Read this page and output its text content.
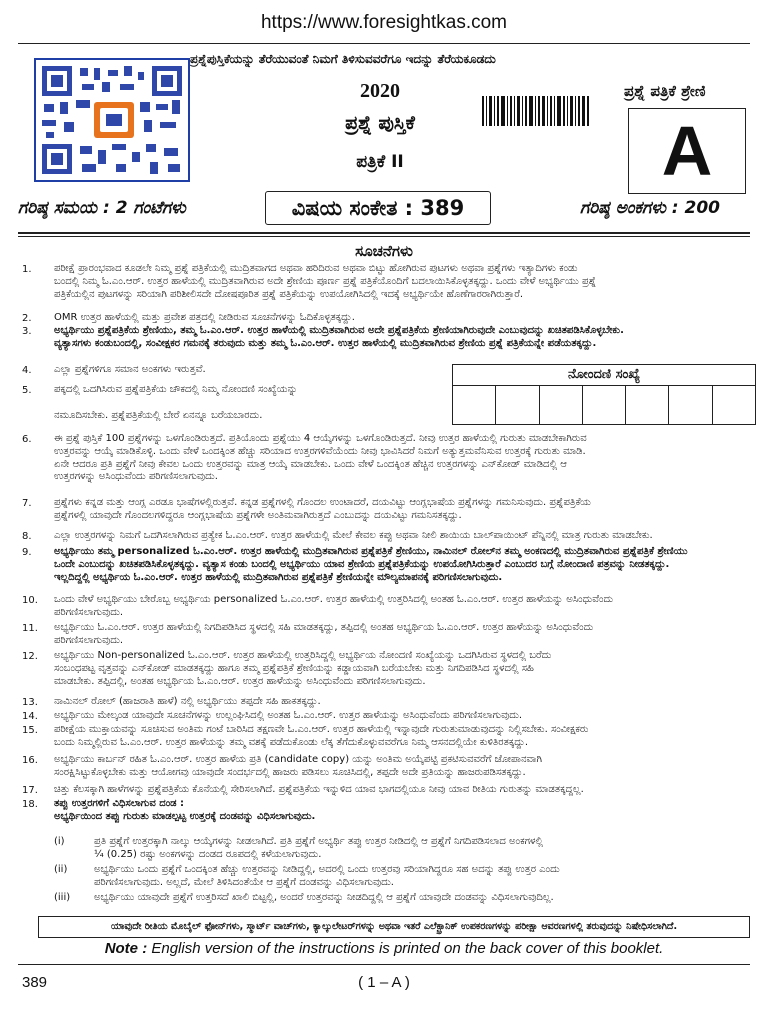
https://www.foresightkas.com
ಪ್ರಶ್ನೆಪುಸ್ತಿಕೆಯನ್ನು ತೆರೆಯುವಂತೆ ನಿಮಗೆ ತಿಳಿಸುವವರೆಗೂ ಇದನ್ನು ತೆರೆಯಕೂಡದು
2020
ಪ್ರಶ್ನೆ ಪುಸ್ತಿಕೆ
ಪತ್ರಿಕೆ II
ಪ್ರಶ್ನೆ ಪತ್ರಿಕೆ ಶ್ರೇಣಿ
A
ಗರಿಷ್ಠ ಸಮಯ : 2 ಗಂಟೆಗಳು	ವಿಷಯ ಸಂಕೇತ : 389	ಗರಿಷ್ಠ ಅಂಕಗಳು : 200
ಸೂಚನೆಗಳು
ನೋಂದಣಿ ಸಂಖ್ಯೆ
1. ಪರೀಕ್ಷೆ ಪ್ರಾರಂಭವಾದ ಕೂಡಲೇ ನಿಮ್ಮ ಪ್ರಶ್ನೆ ಪತ್ರಿಕೆಯಲ್ಲಿ ಮುದ್ರಿತವಾಗದ ಅಥವಾ ಹರಿದಿರುವ ಅಥವಾ ಬಿಟ್ಟು ಹೋಗಿರುವ ಪುಟಗಳು ಅಥವಾ ಪ್ರಶ್ನೆಗಳು ಇತ್ಯಾದಿಗಳು ಕಂಡು
ಬಂದಲ್ಲಿ ನಿಮ್ಮ ಓ.ಎಂ.ಆರ್. ಉತ್ತರ ಹಾಳೆಯಲ್ಲಿ ಮುದ್ರಿತವಾಗಿರುವ ಅದೇ ಶ್ರೇಣಿಯ ಪೂರ್ಣ ಪ್ರಶ್ನೆ ಪತ್ರಿಕೆಯೊಂದಿಗೆ ಬದಲಾಯಿಸಿಕೊಳ್ಳತಕ್ಕದ್ದು. ಒಂದು ವೇಳೆ ಅಭ್ಯರ್ಥಿಯು ಪ್ರಶ್ನೆ
ಪತ್ರಿಕೆಯಲ್ಲಿನ ಪುಟಗಳನ್ನು ಸರಿಯಾಗಿ ಪರಿಶೀಲಿಸದೇ ದೋಷಪೂರಿತ ಪ್ರಶ್ನೆ ಪತ್ರಿಕೆಯನ್ನು ಉಪಯೋಗಿಸಿದಲ್ಲಿ ಇದಕ್ಕೆ ಅಭ್ಯರ್ಥಿಯೇ ಹೊಣೆಗಾರರಾಗಿರುತ್ತಾರೆ.
2. OMR ಉತ್ತರ ಹಾಳೆಯಲ್ಲಿ ಮತ್ತು ಪ್ರವೇಶ ಪತ್ರದಲ್ಲಿ ನೀಡಿರುವ ಸೂಚನೆಗಳನ್ನು ಓದಿಕೊಳ್ಳತಕ್ಕದ್ದು.
3. ಅಭ್ಯರ್ಥಿಯು ಪ್ರಶ್ನೆಪತ್ರಿಕೆಯ ಶ್ರೇಣಿಯು, ತಮ್ಮ ಓ.ಎಂ.ಆರ್. ಉತ್ತರ ಹಾಳೆಯಲ್ಲಿ ಮುದ್ರಿತವಾಗಿರುವ ಅದೇ ಪ್ರಶ್ನೆಪತ್ರಿಕೆಯ ಶ್ರೇಣಿಯಾಗಿರುವುದೇ ಎಂಬುವುದನ್ನು ಖಚಿತಪಡಿಸಿಕೊಳ್ಳಬೇಕು.
ವ್ಯತ್ಯಾಸಗಳು ಕಂಡುಬಂದಲ್ಲಿ, ಸಂವೀಕ್ಷಕರ ಗಮನಕ್ಕೆ ತರುವುದು ಮತ್ತು ತಮ್ಮ ಓ.ಎಂ.ಆರ್. ಉತ್ತರ ಹಾಳೆಯಲ್ಲಿ ಮುದ್ರಿತವಾಗಿರುವ ಶ್ರೇಣಿಯ ಪ್ರಶ್ನೆ ಪತ್ರಿಕೆಯನ್ನೇ ಪಡೆಯತಕ್ಕದ್ದು.
4. ಎಲ್ಲಾ ಪ್ರಶ್ನೆಗಳಿಗೂ ಸಮಾನ ಅಂಕಗಳು ಇರುತ್ತವೆ.
5. ಪಕ್ಕದಲ್ಲಿ ಒದಗಿಸಿರುವ ಪ್ರಶ್ನೆಪತ್ರಿಕೆಯ ಚೌಕದಲ್ಲಿ ನಿಮ್ಮ ನೋಂದಣಿ ಸಂಖ್ಯೆಯನ್ನು
ನಮೂದಿಸಬೇಕು. ಪ್ರಶ್ನೆಪತ್ರಿಕೆಯಲ್ಲಿ ಬೇರೆ ಏನನ್ನೂ ಬರೆಯಬಾರದು.
6. ಈ ಪ್ರಶ್ನೆ ಪುಸ್ತಿಕೆ 100 ಪ್ರಶ್ನೆಗಳನ್ನು ಒಳಗೊಂಡಿರುತ್ತದೆ. ಪ್ರತಿಯೊಂದು ಪ್ರಶ್ನೆಯು 4 ಆಯ್ಕೆಗಳನ್ನು ಒಳಗೊಂಡಿರುತ್ತದೆ. ನೀವು ಉತ್ತರ ಹಾಳೆಯಲ್ಲಿ ಗುರುತು ಮಾಡಬೇಕಾಗಿರುವ
ಉತ್ತರವನ್ನು ಆಯ್ಕೆ ಮಾಡಿಕೊಳ್ಳಿ. ಒಂದು ವೇಳೆ ಒಂದಕ್ಕಿಂತ ಹೆಚ್ಚು ಸರಿಯಾದ ಉತ್ತರಗಳಿವೆಯೆಂದು ನೀವು ಭಾವಿಸಿದರೆ ನಿಮಗೆ ಅತ್ಯುತ್ತಮವೆನಿಸುವ ಉತ್ತರಕ್ಕೆ ಗುರುತು ಮಾಡಿ.
ಏನೇ ಆದರೂ ಪ್ರತಿ ಪ್ರಶ್ನೆಗೆ ನೀವು ಕೇವಲ ಒಂದು ಉತ್ತರವನ್ನು ಮಾತ್ರ ಆಯ್ಕೆ ಮಾಡಬೇಕು. ಒಂದು ವೇಳೆ ಒಂದಕ್ಕಿಂತ ಹೆಚ್ಚಿನ ಉತ್ತರಗಳನ್ನು ಎನ್‌ಕೋಡ್ ಮಾಡಿದಲ್ಲಿ ಆ
ಉತ್ತರಗಳನ್ನು ಅಸಿಂಧುವೆಂದು ಪರಿಗಣಿಸಲಾಗುವುದು.
7. ಪ್ರಶ್ನೆಗಳು ಕನ್ನಡ ಮತ್ತು ಆಂಗ್ಲ ಎರಡೂ ಭಾಷೆಗಳಲ್ಲಿರುತ್ತವೆ. ಕನ್ನಡ ಪ್ರಶ್ನೆಗಳಲ್ಲಿ ಗೊಂದಲ ಉಂಟಾದರೆ, ದಯವಿಟ್ಟು ಆಂಗ್ಲಭಾಷೆಯ ಪ್ರಶ್ನೆಗಳನ್ನು ಗಮನಿಸುವುದು. ಪ್ರಶ್ನೆಪತ್ರಿಕೆಯ
ಪ್ರಶ್ನೆಗಳಲ್ಲಿ ಯಾವುದೇ ಗೊಂದಲಗಳಿದ್ದರೂ ಆಂಗ್ಲಭಾಷೆಯ ಪ್ರಶ್ನೆಗಳೇ ಅಂತಿಮವಾಗಿರುತ್ತದೆ ಎಂಬುದನ್ನು ದಯವಿಟ್ಟು ಗಮನಿಸತಕ್ಕದ್ದು.
8. ಎಲ್ಲಾ ಉತ್ತರಗಳನ್ನು ನಿಮಗೆ ಒದಗಿಸಲಾಗಿರುವ ಪ್ರತ್ಯೇಕ ಓ.ಎಂ.ಆರ್. ಉತ್ತರ ಹಾಳೆಯಲ್ಲಿ ಮೇಲೆ ಕೇವಲ ಕಪ್ಪು ಅಥವಾ ನೀಲಿ ಶಾಯಿಯ ಬಾಲ್‌ಪಾಯಿಂಟ್ ಪೆನ್ನಿನಲ್ಲಿ ಮಾತ್ರ ಗುರುತು ಮಾಡಬೇಕು.
9. ಅಭ್ಯರ್ಥಿಯು ತಮ್ಮ personalized ಓ.ಎಂ.ಆರ್. ಉತ್ತರ ಹಾಳೆಯಲ್ಲಿ ಮುದ್ರಿತವಾಗಿರುವ ಪ್ರಶ್ನೆಪತ್ರಿಕೆ ಶ್ರೇಣಿಯು, ನಾಮಿನಲ್ ರೋಲ್‌ನ ತಮ್ಮ ಅಂಕಣದಲ್ಲಿ ಮುದ್ರಿತವಾಗಿರುವ ಪ್ರಶ್ನೆಪತ್ರಿಕೆ ಶ್ರೇಣಿಯು
ಒಂದೇ ಎಂಬುದನ್ನು ಖಚಿತಪಡಿಸಿಕೊಳ್ಳತಕ್ಕದ್ದು. ವ್ಯತ್ಯಾಸ ಕಂಡು ಬಂದಲ್ಲಿ ಅಭ್ಯರ್ಥಿಯು ಯಾವ ಶ್ರೇಣಿಯ ಪ್ರಶ್ನೆಪತ್ರಿಕೆಯನ್ನು ಉಪಯೋಗಿಸಿರುತ್ತಾರೆ ಎಂಬುದರ ಬಗ್ಗೆ ನೋಂದಾಣಿ ಪತ್ರವನ್ನು ನೀಡತಕ್ಕದ್ದು.
ಇಲ್ಲದಿದ್ದಲ್ಲಿ ಅಭ್ಯರ್ಥಿಯ ಓ.ಎಂ.ಆರ್. ಉತ್ತರ ಹಾಳೆಯಲ್ಲಿ ಮುದ್ರಿತವಾಗಿರುವ ಪ್ರಶ್ನೆಪತ್ರಿಕೆ ಶ್ರೇಣಿಯನ್ನೇ ಮೌಲ್ಯಮಾಪನಕ್ಕೆ ಪರಿಗಣಿಸಲಾಗುವುದು.
10. ಒಂದು ವೇಳೆ ಅಭ್ಯರ್ಥಿಯು ಬೇರೊಬ್ಬ ಅಭ್ಯರ್ಥಿಯ personalized ಓ.ಎಂ.ಆರ್. ಉತ್ತರ ಹಾಳೆಯಲ್ಲಿ ಉತ್ತರಿಸಿದಲ್ಲಿ ಅಂತಹ ಓ.ಎಂ.ಆರ್. ಉತ್ತರ ಹಾಳೆಯನ್ನು ಅಸಿಂಧುವೆಂದು
ಪರಿಗಣಿಸಲಾಗುವುದು.
11. ಅಭ್ಯರ್ಥಿಯು ಓ.ಎಂ.ಆರ್. ಉತ್ತರ ಹಾಳೆಯಲ್ಲಿ ನಿಗದಿಪಡಿಸಿದ ಸ್ಥಳದಲ್ಲಿ ಸಹಿ ಮಾಡತಕ್ಕದ್ದು, ತಪ್ಪಿದಲ್ಲಿ ಅಂತಹ ಅಭ್ಯರ್ಥಿಯ ಓ.ಎಂ.ಆರ್. ಉತ್ತರ ಹಾಳೆಯನ್ನು ಅಸಿಂಧುವೆಂದು
ಪರಿಗಣಿಸಲಾಗುವುದು.
12. ಅಭ್ಯರ್ಥಿಯು Non-personalized ಓ.ಎಂ.ಆರ್. ಉತ್ತರ ಹಾಳೆಯಲ್ಲಿ ಉತ್ತರಿಸಿದ್ದಲ್ಲಿ ಅಭ್ಯರ್ಥಿಯ ನೋಂದಣಿ ಸಂಖ್ಯೆಯನ್ನು ಒದಗಿಸಿರುವ ಸ್ಥಳದಲ್ಲಿ ಬರೆದು
ಸಂಬಂಧಪಟ್ಟ ವೃತ್ತವನ್ನು ಎನ್‌ಕೋಡ್ ಮಾಡತಕ್ಕದ್ದು ಹಾಗೂ ತಮ್ಮ ಪ್ರಶ್ನೆಪತ್ರಿಕೆ ಶ್ರೇಣಿಯನ್ನು ಕಡ್ಡಾಯವಾಗಿ ಬರೆಯಬೇಕು ಮತ್ತು ನಿಗದಿಪಡಿಸಿದ ಸ್ಥಳದಲ್ಲಿ ಸಹಿ
ಮಾಡಬೇಕು. ತಪ್ಪಿದಲ್ಲಿ, ಅಂತಹ ಅಭ್ಯರ್ಥಿಯ ಓ.ಎಂ.ಆರ್. ಉತ್ತರ ಹಾಳೆಯನ್ನು ಅಸಿಂಧುವೆಂದು ಪರಿಗಣಿಸಲಾಗುವುದು.
13. ನಾಮಿನಲ್ ರೋಲ್ (ಹಾಜರಾತಿ ಹಾಳೆ) ನಲ್ಲಿ ಅಭ್ಯರ್ಥಿಯು ತಪ್ಪದೇ ಸಹಿ ಹಾಕತಕ್ಕದ್ದು.
14. ಅಭ್ಯರ್ಥಿಯು ಮೇಲ್ಕಂಡ ಯಾವುದೇ ಸೂಚನೆಗಳನ್ನು ಉಲ್ಲಂಘಿಸಿದಲ್ಲಿ ಅಂತಹ ಓ.ಎಂ.ಆರ್. ಉತ್ತರ ಹಾಳೆಯನ್ನು ಅಸಿಂಧುವೆಂದು ಪರಿಗಣಿಸಲಾಗುವುದು.
15. ಪರೀಕ್ಷೆಯ ಮುಕ್ತಾಯವನ್ನು ಸೂಚಿಸುವ ಅಂತಿಮ ಗಂಟೆ ಬಾರಿಸಿದ ತಕ್ಷಣವೇ ಓ.ಎಂ.ಆರ್. ಉತ್ತರ ಹಾಳೆಯಲ್ಲಿ ಇನ್ನಾವುದೇ ಗುರುತುಮಾಡುವುದನ್ನು ನಿಲ್ಲಿಸಬೇಕು. ಸಂವೀಕ್ಷಕರು
ಬಂದು ನಿಮ್ಮಲ್ಲಿರುವ ಓ.ಎಂ.ಆರ್. ಉತ್ತರ ಹಾಳೆಯನ್ನು ತಮ್ಮ ವಶಕ್ಕೆ ಪಡೆದುಕೊಂಡು ಲೆಕ್ಕ ತೆಗೆದುಕೊಳ್ಳುವವರೆಗೂ ನಿಮ್ಮ ಆಸನದಲ್ಲಿಯೇ ಕುಳಿತಿರತಕ್ಕದ್ದು.
16. ಅಭ್ಯರ್ಥಿಯು ಕಾರ್ಬನ್ ರಹಿತ ಓ.ಎಂ.ಆರ್. ಉತ್ತರ ಹಾಳೆಯ ಪ್ರತಿ (candidate copy) ಯನ್ನು ಅಂತಿಮ ಅಯ್ಕೆಪಟ್ಟಿ ಪ್ರಕಟಿಸುವವರೆಗೆ ಜೋಪಾನವಾಗಿ
ಸಂರಕ್ಷಿಸಿಟ್ಟುಕೊಳ್ಳಬೇಕು ಮತ್ತು ಆಯೋಗವು ಯಾವುದೇ ಸಂದರ್ಭದಲ್ಲಿ ಹಾಜರು ಪಡಿಸಲು ಸೂಚಿಸಿದಲ್ಲಿ, ತಪ್ಪದೇ ಅದೇ ಪ್ರತಿಯನ್ನು ಹಾಜರುಪಡಿಸತಕ್ಕದ್ದು.
17. ಚಿತ್ತು ಕೆಲಸಕ್ಕಾಗಿ ಹಾಳೆಗಳನ್ನು ಪ್ರಶ್ನೆಪತ್ರಿಕೆಯ ಕೊನೆಯಲ್ಲಿ ಸೇರಿಸಲಾಗಿದೆ. ಪ್ರಶ್ನೆಪತ್ರಿಕೆಯ ಇನ್ನುಳಿದ ಯಾವ ಭಾಗದಲ್ಲಿಯೂ ನೀವು ಯಾವ ರೀತಿಯ ಗುರುತನ್ನು ಮಾಡತಕ್ಕದ್ದಲ್ಲ.
18. ತಪ್ಪು ಉತ್ತರಗಳಿಗೆ ವಿಧಿಸಲಾಗುವ ದಂಡ :
ಅಭ್ಯರ್ಥಿಯಿಂದ ತಪ್ಪು ಗುರುತು ಮಾಡಲ್ಪಟ್ಟ ಉತ್ತರಕ್ಕೆ ದಂಡವನ್ನು ವಿಧಿಸಲಾಗುವುದು.
(i)	ಪ್ರತಿ ಪ್ರಶ್ನೆಗೆ ಉತ್ತರಕ್ಕಾಗಿ ನಾಲ್ಕು ಆಯ್ಕೆಗಳನ್ನು ನೀಡಲಾಗಿದೆ. ಪ್ರತಿ ಪ್ರಶ್ನೆಗೆ ಅಭ್ಯರ್ಥಿ ತಪ್ಪು ಉತ್ತರ ನೀಡಿದಲ್ಲಿ ಆ ಪ್ರಶ್ನೆಗೆ ನಿಗದಿಪಡಿಸಲಾದ ಅಂಕಗಳಲ್ಲಿ
¼ (0.25) ರಷ್ಟು ಅಂಕಗಳನ್ನು ದಂಡದ ರೂಪದಲ್ಲಿ ಕಳೆಯಲಾಗುವುದು.
(ii)	ಅಭ್ಯರ್ಥಿಯು ಒಂದು ಪ್ರಶ್ನೆಗೆ ಒಂದಕ್ಕಿಂತ ಹೆಚ್ಚು ಉತ್ತರವನ್ನು ನೀಡಿದ್ದಲ್ಲಿ, ಅದರಲ್ಲಿ ಒಂದು ಉತ್ತರವು ಸರಿಯಾಗಿದ್ದರೂ ಸಹ ಅದನ್ನು ತಪ್ಪು ಉತ್ತರ ಎಂದು
ಪರಿಗಣಿಸಲಾಗುವುದು. ಅಲ್ಲದೆ, ಮೇಲೆ ತಿಳಿಸಿದಂತೆಯೇ ಆ ಪ್ರಶ್ನೆಗೆ ದಂಡವನ್ನು ವಿಧಿಸಲಾಗುವುದು.
(iii) ಅಭ್ಯರ್ಥಿಯು ಯಾವುದೇ ಪ್ರಶ್ನೆಗೆ ಉತ್ತರಿಸದೆ ಖಾಲಿ ಬಿಟ್ಟಲ್ಲಿ, ಅಂದರೆ ಉತ್ತರವನ್ನು ನೀಡದಿದ್ದಲ್ಲಿ ಆ ಪ್ರಶ್ನೆಗೆ ಯಾವುದೇ ದಂಡವನ್ನು ವಿಧಿಸಲಾಗುವುದಿಲ್ಲ.
ಯಾವುದೇ ರೀತಿಯ ಮೊಬೈಲ್ ಫೋನ್‌ಗಳು, ಸ್ಮಾರ್ಟ್ ವಾಚ್‌ಗಳು, ಕ್ಯಾಲ್ಕುಲೇಟರ್‌ಗಳನ್ನು ಅಥವಾ ಇತರೆ ಎಲೆಕ್ಟ್ರಾನಿಕ್ ಉಪಕರಣಗಳನ್ನು ಪರೀಕ್ಷಾ ಆವರಣಗಳಲ್ಲಿ ತರುವುದನ್ನು ನಿಷೇಧಿಸಲಾಗಿದೆ.
Note : English version of the instructions is printed on the back cover of this booklet.
389	( 1 – A )
